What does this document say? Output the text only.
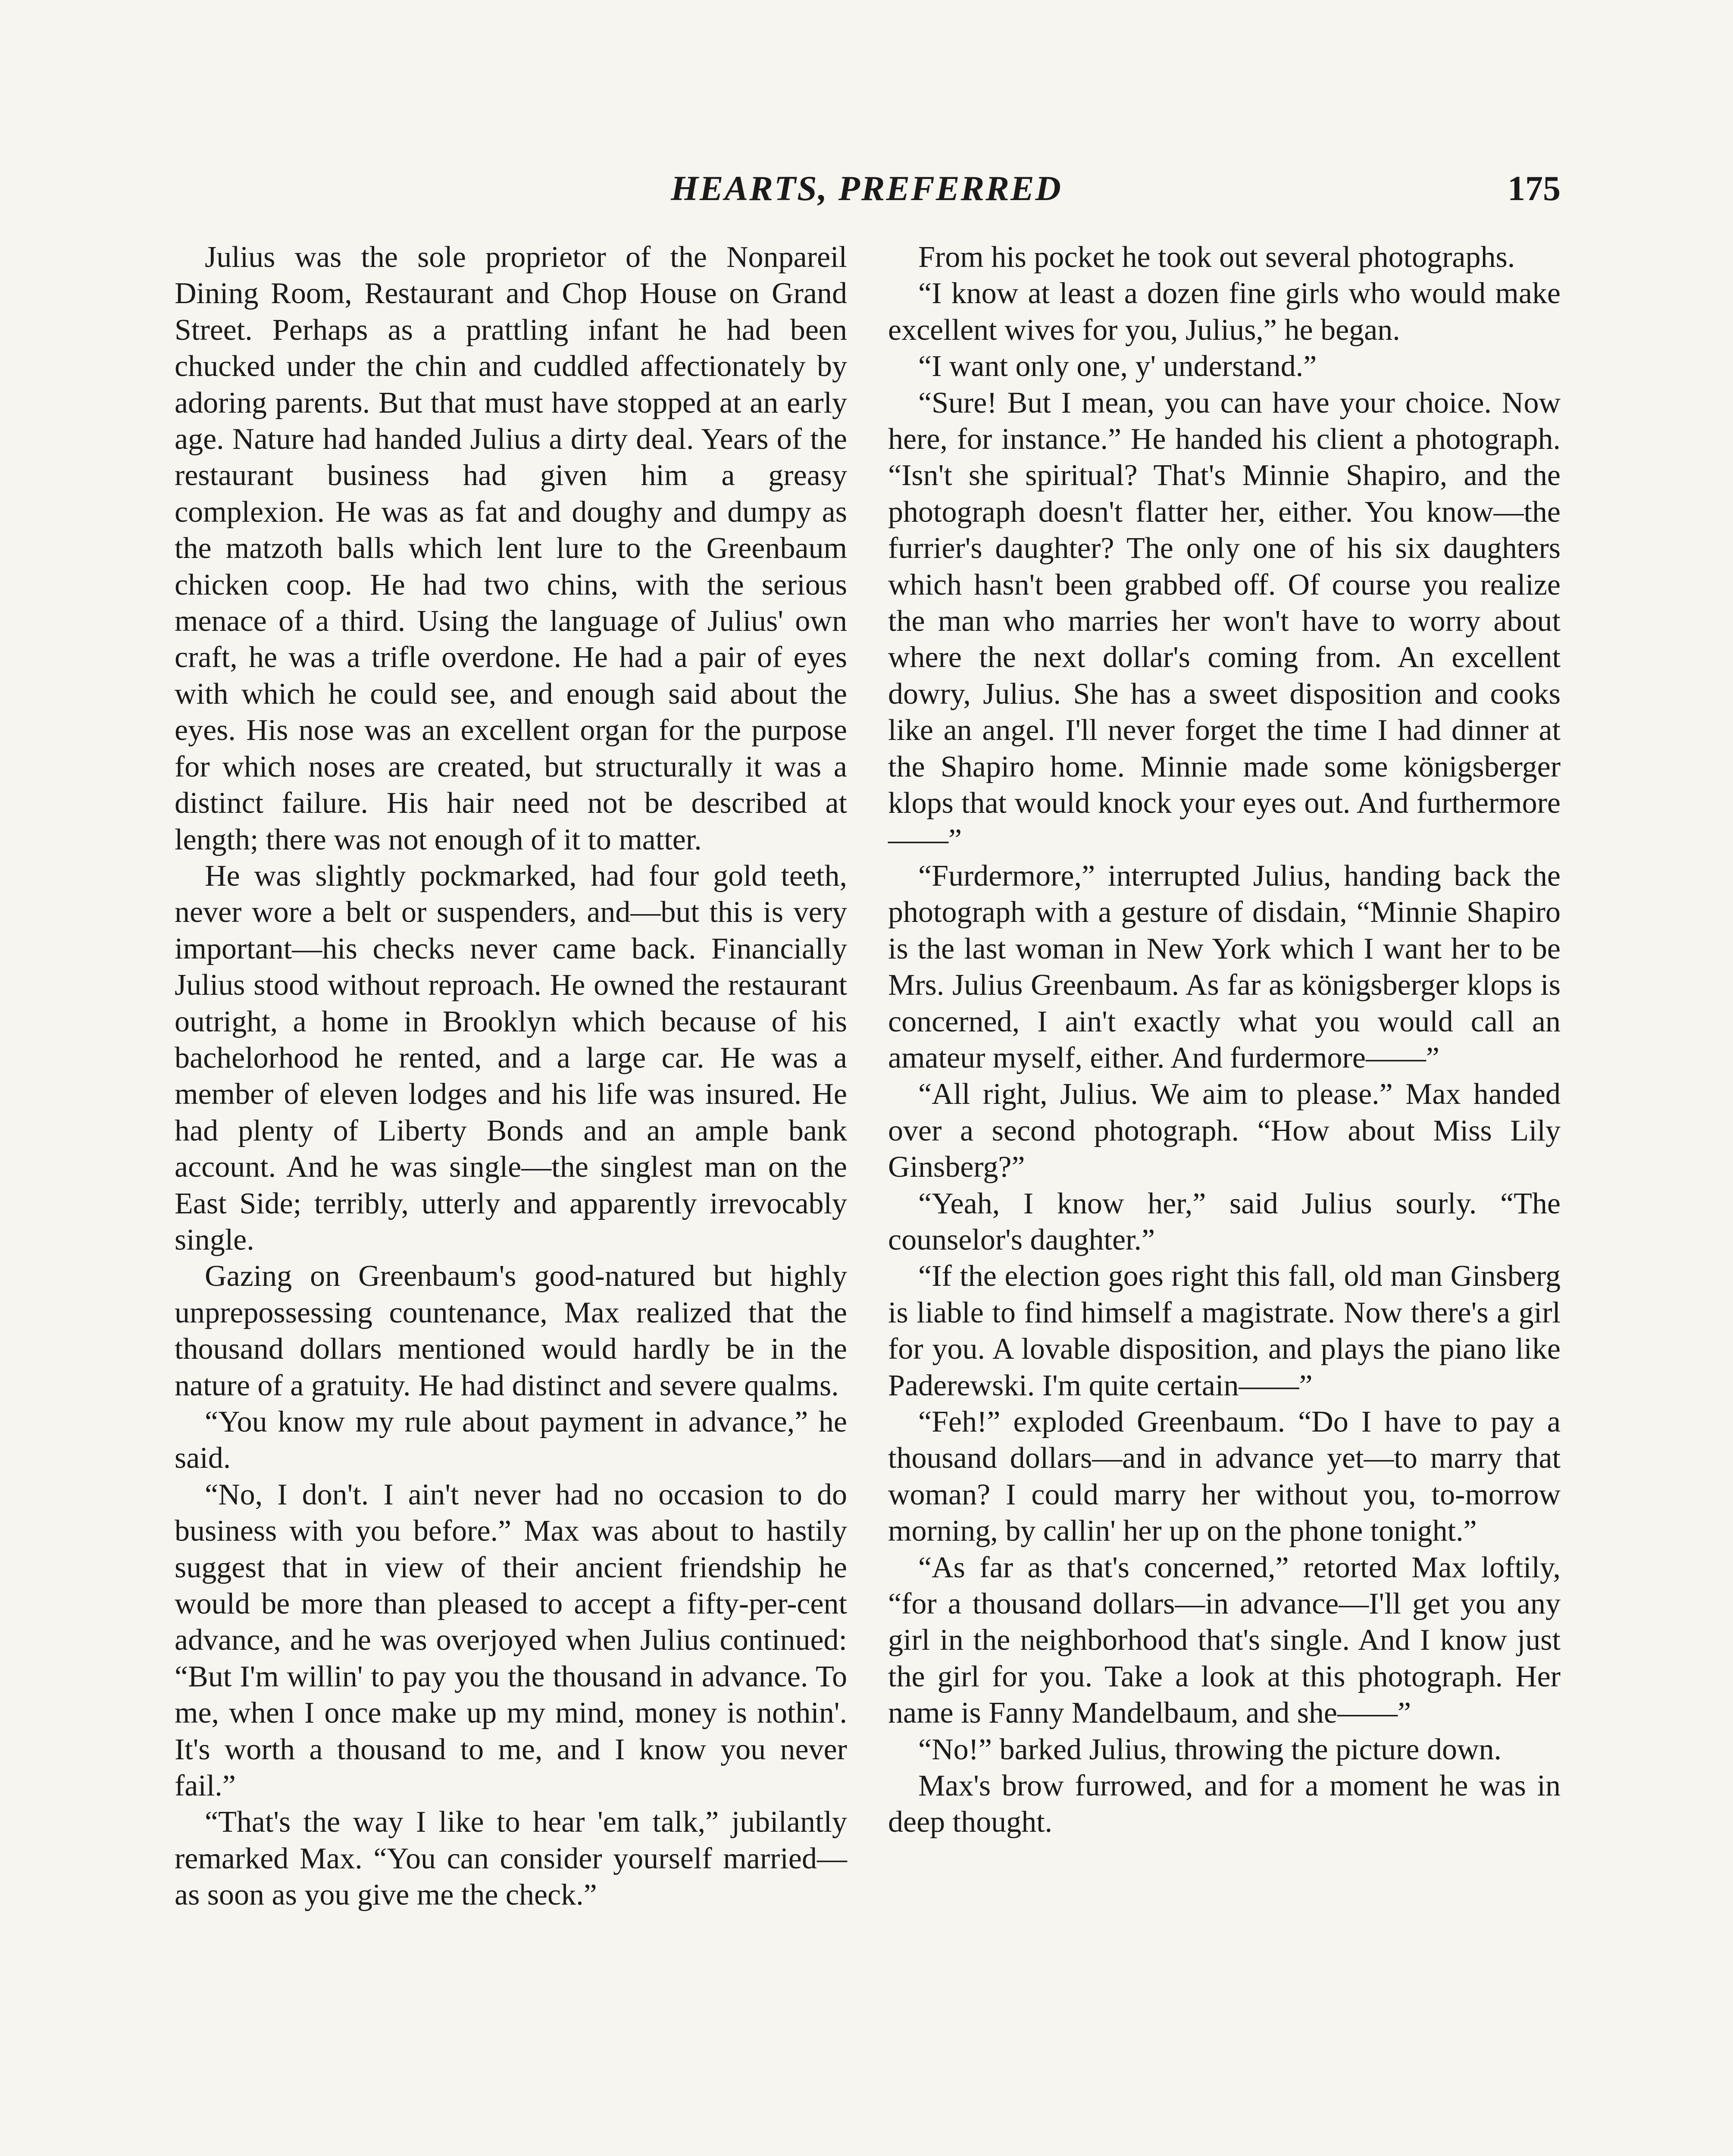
HEARTS, PREFERRED	175

Julius was the sole proprietor of the Nonpareil Dining Room, Restaurant and Chop House on Grand Street. Perhaps as a prattling infant he had been chucked under the chin and cuddled affectionately by adoring parents. But that must have stopped at an early age. Nature had handed Julius a dirty deal. Years of the restaurant business had given him a greasy complexion. He was as fat and doughy and dumpy as the matzoth balls which lent lure to the Greenbaum chicken coop. He had two chins, with the serious menace of a third. Using the language of Julius' own craft, he was a trifle overdone. He had a pair of eyes with which he could see, and enough said about the eyes. His nose was an excellent organ for the purpose for which noses are created, but structurally it was a distinct failure. His hair need not be described at length; there was not enough of it to matter.

He was slightly pockmarked, had four gold teeth, never wore a belt or suspenders, and—but this is very important—his checks never came back. Financially Julius stood without reproach. He owned the restaurant outright, a home in Brooklyn which because of his bachelorhood he rented, and a large car. He was a member of eleven lodges and his life was insured. He had plenty of Liberty Bonds and an ample bank account. And he was single—the singlest man on the East Side; terribly, utterly and apparently irrevocably single.

Gazing on Greenbaum's good-natured but highly unprepossessing countenance, Max realized that the thousand dollars mentioned would hardly be in the nature of a gratuity. He had distinct and severe qualms.

“You know my rule about payment in advance,” he said.

“No, I don't. I ain't never had no occasion to do business with you before.” Max was about to hastily suggest that in view of their ancient friendship he would be more than pleased to accept a fifty-per-cent advance, and he was overjoyed when Julius continued: “But I'm willin' to pay you the thousand in advance. To me, when I once make up my mind, money is nothin'. It's worth a thousand to me, and I know you never fail.”

“That's the way I like to hear 'em talk,” jubilantly remarked Max. “You can consider yourself married—as soon as you give me the check.”

From his pocket he took out several photographs.

“I know at least a dozen fine girls who would make excellent wives for you, Julius,” he began.

“I want only one, y' understand.”

“Sure! But I mean, you can have your choice. Now here, for instance.” He handed his client a photograph. “Isn't she spiritual? That's Minnie Shapiro, and the photograph doesn't flatter her, either. You know—the furrier's daughter? The only one of his six daughters which hasn't been grabbed off. Of course you realize the man who marries her won't have to worry about where the next dollar's coming from. An excellent dowry, Julius. She has a sweet disposition and cooks like an angel. I'll never forget the time I had dinner at the Shapiro home. Minnie made some königsberger klops that would knock your eyes out. And furthermore——”

“Furdermore,” interrupted Julius, handing back the photograph with a gesture of disdain, “Minnie Shapiro is the last woman in New York which I want her to be Mrs. Julius Greenbaum. As far as königsberger klops is concerned, I ain't exactly what you would call an amateur myself, either. And furdermore——”

“All right, Julius. We aim to please.” Max handed over a second photograph. “How about Miss Lily Ginsberg?”

“Yeah, I know her,” said Julius sourly. “The counselor's daughter.”

“If the election goes right this fall, old man Ginsberg is liable to find himself a magistrate. Now there's a girl for you. A lovable disposition, and plays the piano like Paderewski. I'm quite certain——”

“Feh!” exploded Greenbaum. “Do I have to pay a thousand dollars—and in advance yet—to marry that woman? I could marry her without you, to-morrow morning, by callin' her up on the phone tonight.”

“As far as that's concerned,” retorted Max loftily, “for a thousand dollars—in advance—I'll get you any girl in the neighborhood that's single. And I know just the girl for you. Take a look at this photograph. Her name is Fanny Mandelbaum, and she——”

“No!” barked Julius, throwing the picture down.

Max's brow furrowed, and for a moment he was in deep thought.
